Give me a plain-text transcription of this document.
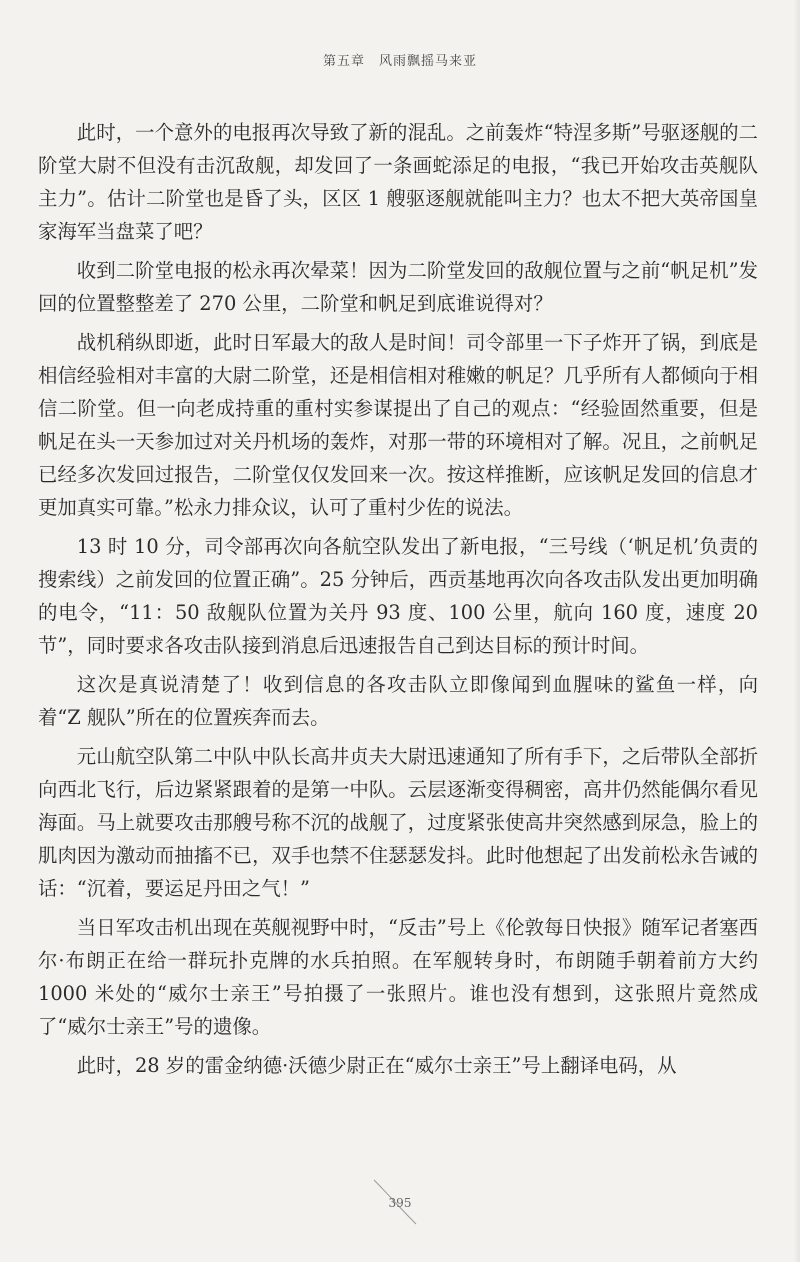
第五章 风雨飘摇马来亚

此时，一个意外的电报再次导致了新的混乱。之前轰炸“特涅多斯”号驱逐舰的二阶堂大尉不但没有击沉敌舰，却发回了一条画蛇添足的电报，“我已开始攻击英舰队主力”。估计二阶堂也是昏了头，区区 1 艘驱逐舰就能叫主力？也太不把大英帝国皇家海军当盘菜了吧？

收到二阶堂电报的松永再次晕菜！因为二阶堂发回的敌舰位置与之前“帆足机”发回的位置整整差了 270 公里，二阶堂和帆足到底谁说得对？

战机稍纵即逝，此时日军最大的敌人是时间！司令部里一下子炸开了锅，到底是相信经验相对丰富的大尉二阶堂，还是相信相对稚嫩的帆足？几乎所有人都倾向于相信二阶堂。但一向老成持重的重村实参谋提出了自己的观点：“经验固然重要，但是帆足在头一天参加过对关丹机场的轰炸，对那一带的环境相对了解。况且，之前帆足已经多次发回过报告，二阶堂仅仅发回来一次。按这样推断，应该帆足发回的信息才更加真实可靠。”松永力排众议，认可了重村少佐的说法。

13 时 10 分，司令部再次向各航空队发出了新电报，“三号线（‘帆足机’负责的搜索线）之前发回的位置正确”。25 分钟后，西贡基地再次向各攻击队发出更加明确的电令，“11：50 敌舰队位置为关丹 93 度、100 公里，航向 160 度，速度 20 节”，同时要求各攻击队接到消息后迅速报告自己到达目标的预计时间。

这次是真说清楚了！收到信息的各攻击队立即像闻到血腥味的鲨鱼一样，向着“Z 舰队”所在的位置疾奔而去。

元山航空队第二中队中队长高井贞夫大尉迅速通知了所有手下，之后带队全部折向西北飞行，后边紧紧跟着的是第一中队。云层逐渐变得稠密，高井仍然能偶尔看见海面。马上就要攻击那艘号称不沉的战舰了，过度紧张使高井突然感到尿急，脸上的肌肉因为激动而抽搐不已，双手也禁不住瑟瑟发抖。此时他想起了出发前松永告诫的话：“沉着，要运足丹田之气！”

当日军攻击机出现在英舰视野中时，“反击”号上《伦敦每日快报》随军记者塞西尔·布朗正在给一群玩扑克牌的水兵拍照。在军舰转身时，布朗随手朝着前方大约 1000 米处的“威尔士亲王”号拍摄了一张照片。谁也没有想到，这张照片竟然成了“威尔士亲王”号的遗像。

此时，28 岁的雷金纳德·沃德少尉正在“威尔士亲王”号上翻译电码，从

395
